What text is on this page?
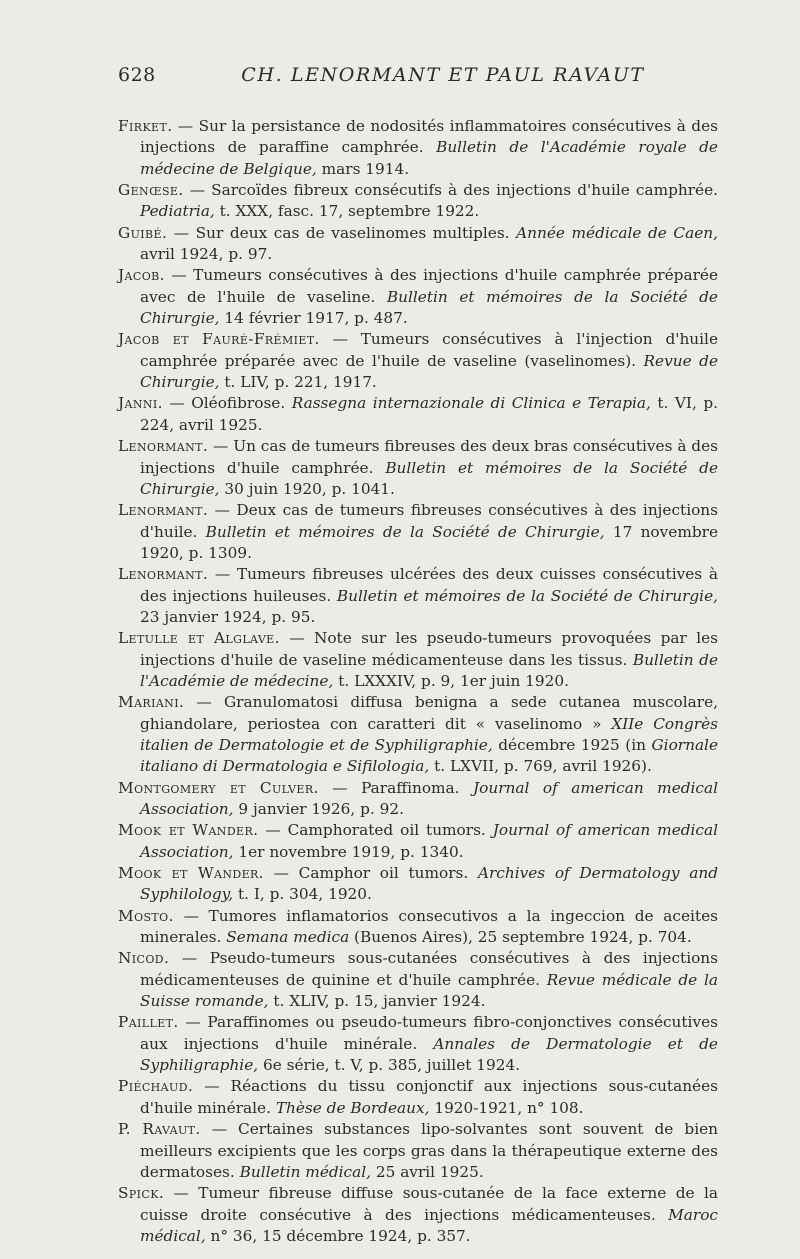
628	CH. LENORMANT ET PAUL RAVAUT

Firket. — Sur la persistance de nodosités inflammatoires consécutives à des injections de paraffine camphrée. Bulletin de l'Académie royale de médecine de Belgique, mars 1914.

Genœse. — Sarcoïdes fibreux consécutifs à des injections d'huile camphrée. Pediatria, t. XXX, fasc. 17, septembre 1922.

Guibé. — Sur deux cas de vaselinomes multiples. Année médicale de Caen, avril 1924, p. 97.

Jacob. — Tumeurs consécutives à des injections d'huile camphrée préparée avec de l'huile de vaseline. Bulletin et mémoires de la Société de Chirurgie, 14 février 1917, p. 487.

Jacob et Fauré-Frémiet. — Tumeurs consécutives à l'injection d'huile camphrée préparée avec de l'huile de vaseline (vaselinomes). Revue de Chirurgie, t. LIV, p. 221, 1917.

Janni. — Oléofibrose. Rassegna internazionale di Clinica e Terapia, t. VI, p. 224, avril 1925.

Lenormant. — Un cas de tumeurs fibreuses des deux bras consécutives à des injections d'huile camphrée. Bulletin et mémoires de la Société de Chirurgie, 30 juin 1920, p. 1041.

Lenormant. — Deux cas de tumeurs fibreuses consécutives à des injections d'huile. Bulletin et mémoires de la Société de Chirurgie, 17 novembre 1920, p. 1309.

Lenormant. — Tumeurs fibreuses ulcérées des deux cuisses consécutives à des injections huileuses. Bulletin et mémoires de la Société de Chirurgie, 23 janvier 1924, p. 95.

Letulle et Alglave. — Note sur les pseudo-tumeurs provoquées par les injections d'huile de vaseline médicamenteuse dans les tissus. Bulletin de l'Académie de médecine, t. LXXXIV, p. 9, 1er juin 1920.

Mariani. — Granulomatosi diffusa benigna a sede cutanea muscolare, ghiandolare, periostea con caratteri dit « vaselinomo » XIIe Congrès italien de Dermatologie et de Syphiligraphie, décembre 1925 (in Giornale italiano di Dermatologia e Sifilologia, t. LXVII, p. 769, avril 1926).

Montgomery et Culver. — Paraffinoma. Journal of american medical Association, 9 janvier 1926, p. 92.

Mook et Wander. — Camphorated oil tumors. Journal of american medical Association, 1er novembre 1919, p. 1340.

Mook et Wander. — Camphor oil tumors. Archives of Dermatology and Syphilology, t. I, p. 304, 1920.

Mosto. — Tumores inflamatorios consecutivos a la ingeccion de aceites minerales. Semana medica (Buenos Aires), 25 septembre 1924, p. 704.

Nicod. — Pseudo-tumeurs sous-cutanées consécutives à des injections médicamenteuses de quinine et d'huile camphrée. Revue médicale de la Suisse romande, t. XLIV, p. 15, janvier 1924.

Paillet. — Paraffinomes ou pseudo-tumeurs fibro-conjonctives consécutives aux injections d'huile minérale. Annales de Dermatologie et de Syphiligraphie, 6e série, t. V, p. 385, juillet 1924.

Piéchaud. — Réactions du tissu conjonctif aux injections sous-cutanées d'huile minérale. Thèse de Bordeaux, 1920-1921, n° 108.

P. Ravaut. — Certaines substances lipo-solvantes sont souvent de bien meilleurs excipients que les corps gras dans la thérapeutique externe des dermatoses. Bulletin médical, 25 avril 1925.

Spick. — Tumeur fibreuse diffuse sous-cutanée de la face externe de la cuisse droite consécutive à des injections médicamenteuses. Maroc médical, n° 36, 15 décembre 1924, p. 357.
